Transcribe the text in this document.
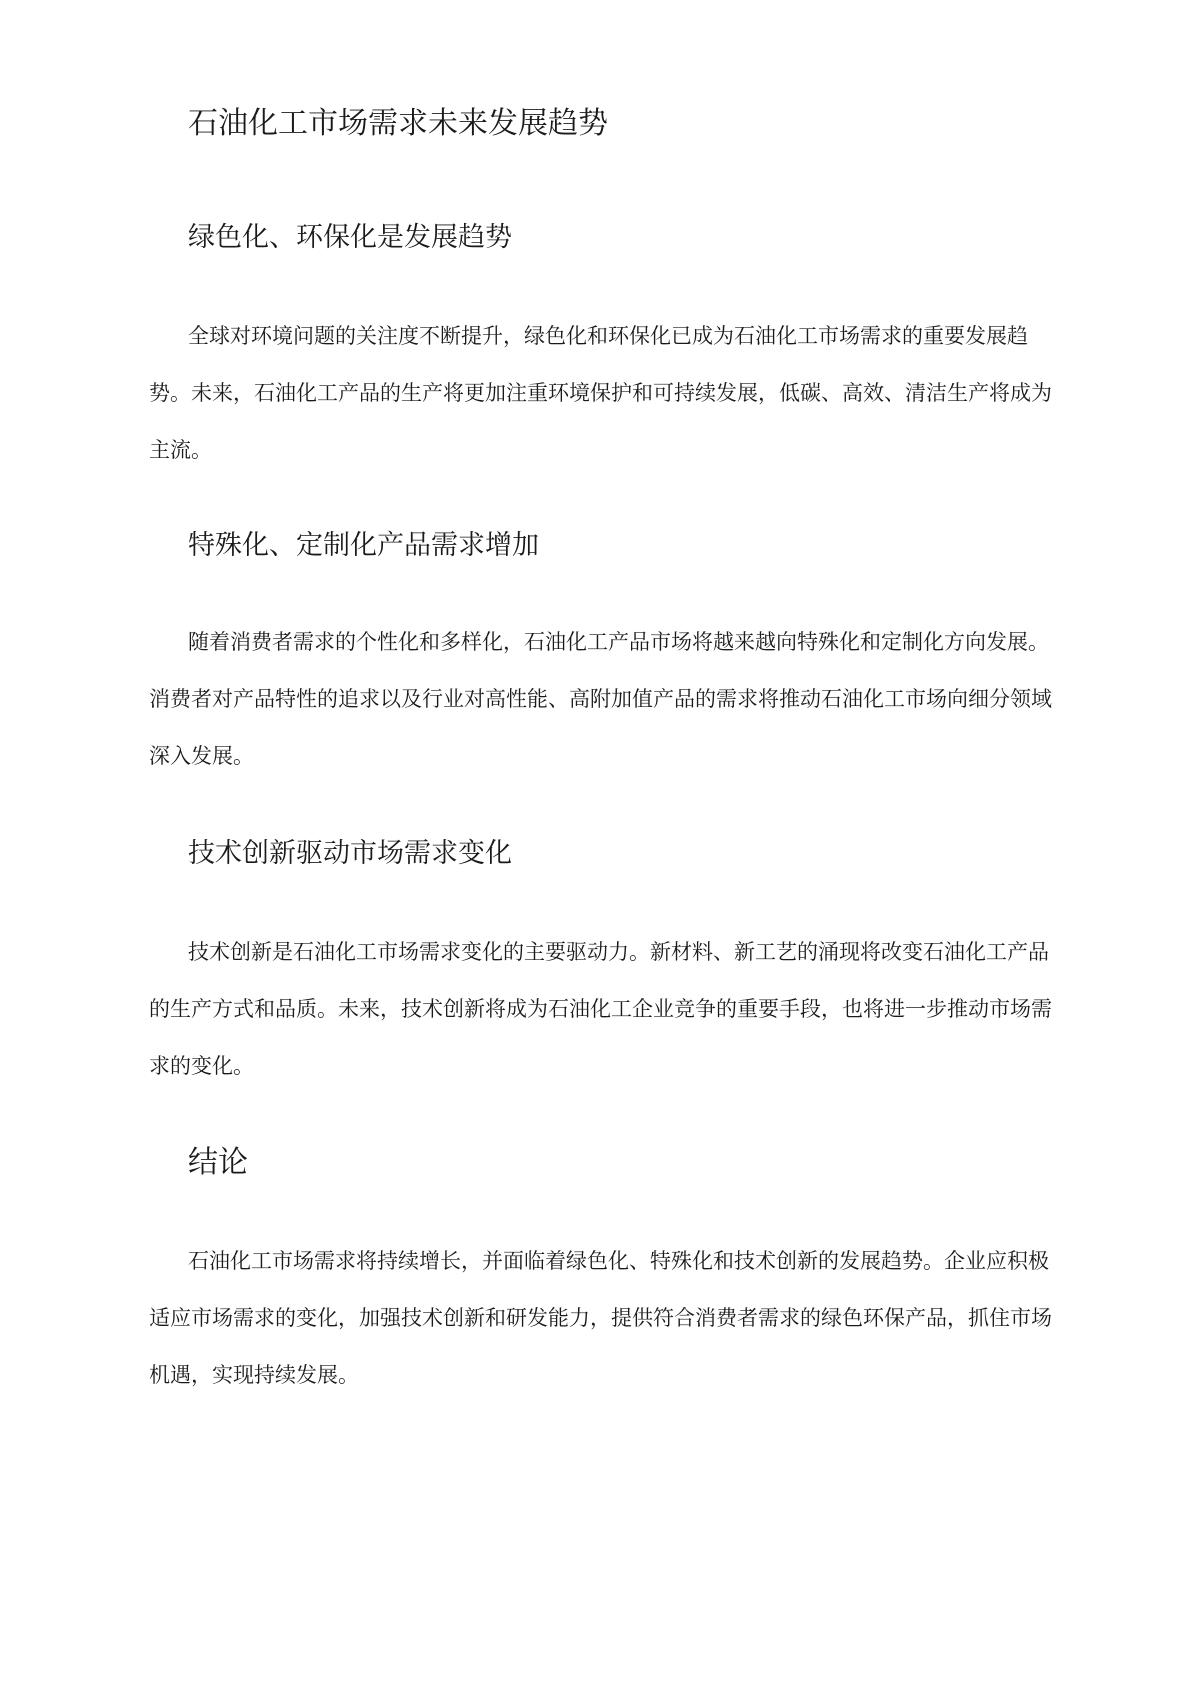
石油化工市场需求未来发展趋势
绿色化、环保化是发展趋势

全球对环境问题的关注度不断提升，绿色化和环保化已成为石油化工市场需求的重要发展趋势。未来，石油化工产品的生产将更加注重环境保护和可持续发展，低碳、高效、清洁生产将成为主流。

特殊化、定制化产品需求增加

随着消费者需求的个性化和多样化，石油化工产品市场将越来越向特殊化和定制化方向发展。消费者对产品特性的追求以及行业对高性能、高附加值产品的需求将推动石油化工市场向细分领域深入发展。

技术创新驱动市场需求变化

技术创新是石油化工市场需求变化的主要驱动力。新材料、新工艺的涌现将改变石油化工产品的生产方式和品质。未来，技术创新将成为石油化工企业竞争的重要手段，也将进一步推动市场需求的变化。

结论

石油化工市场需求将持续增长，并面临着绿色化、特殊化和技术创新的发展趋势。企业应积极适应市场需求的变化，加强技术创新和研发能力，提供符合消费者需求的绿色环保产品，抓住市场机遇，实现持续发展。
